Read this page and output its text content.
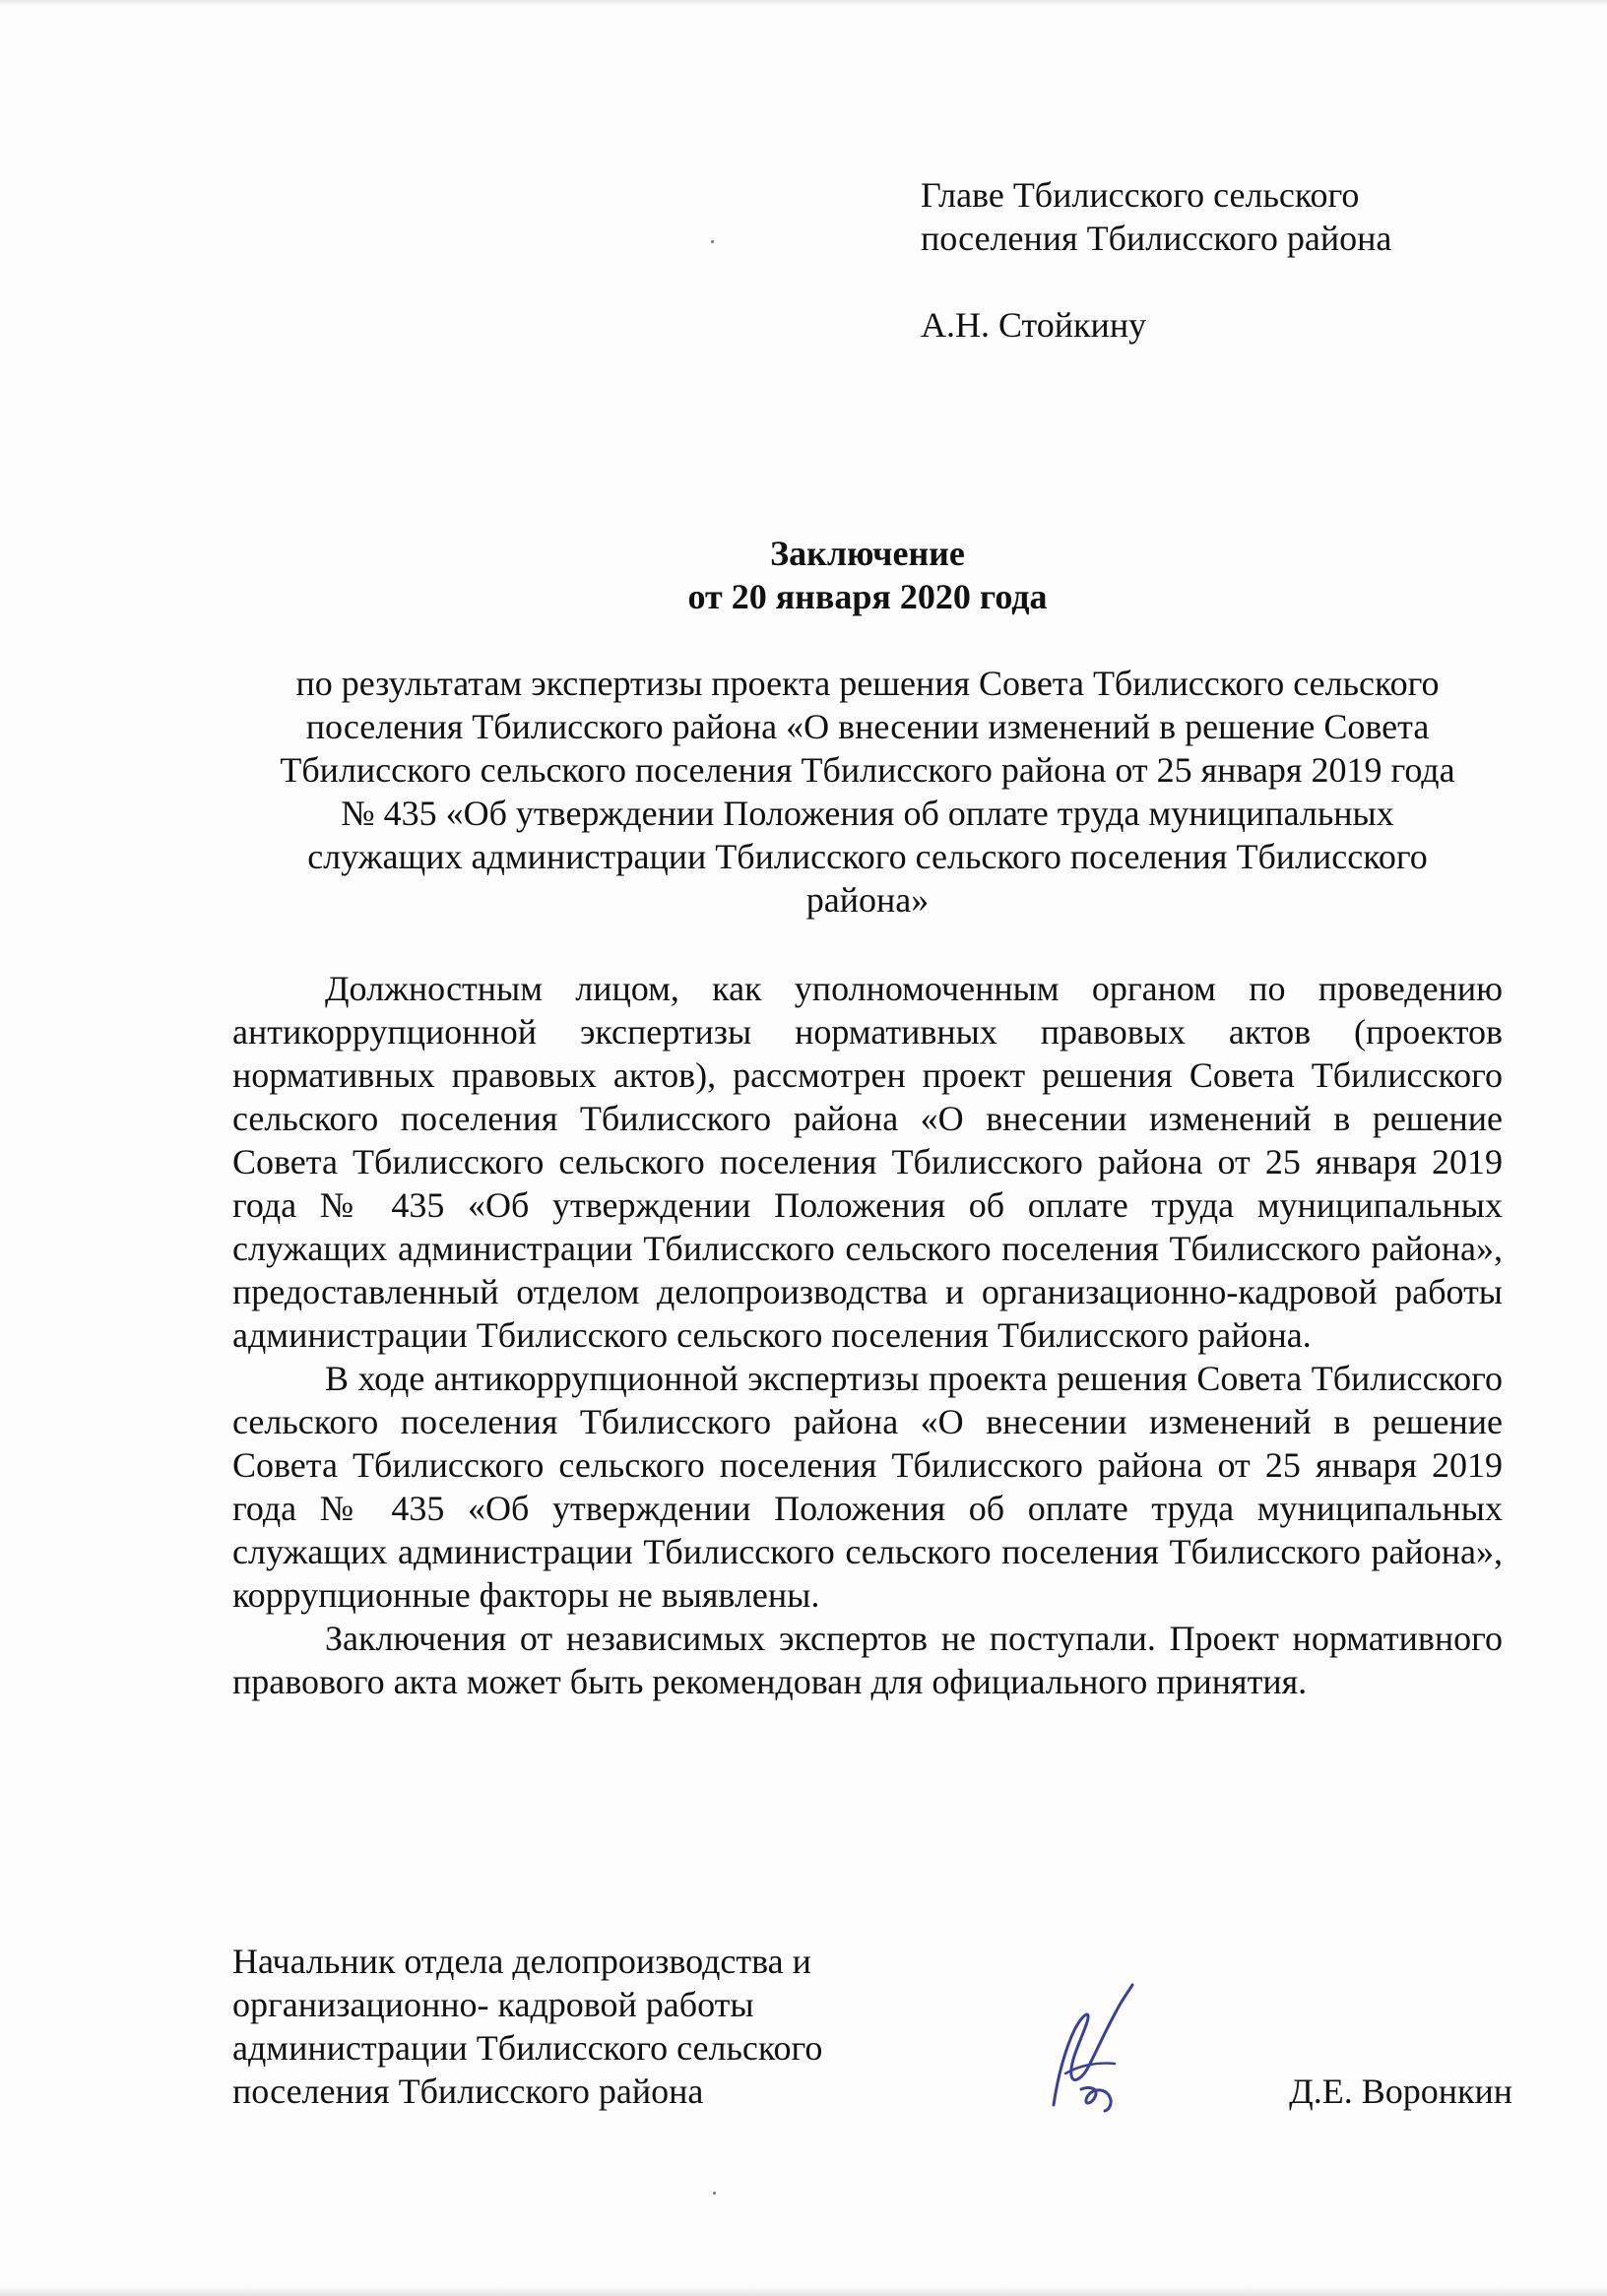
Главе Тбилисского сельского
поселения Тбилисского района
А.Н. Стойкину
Заключение
от 20 января 2020 года
по результатам экспертизы проекта решения Совета Тбилисского сельского
поселения Тбилисского района «О внесении изменений в решение Совета
Тбилисского сельского поселения Тбилисского района от 25 января 2019 года
№ 435 «Об утверждении Положения об оплате труда муниципальных
служащих администрации Тбилисского сельского поселения Тбилисского
района»

Должностным лицом, как уполномоченным органом по проведению антикоррупционной экспертизы нормативных правовых актов (проектов нормативных правовых актов), рассмотрен проект решения Совета Тбилисского сельского поселения Тбилисского района «О внесении изменений в решение Совета Тбилисского сельского поселения Тбилисского района от 25 января 2019 года № 435 «Об утверждении Положения об оплате труда муниципальных служащих администрации Тбилисского сельского поселения Тбилисского района», предоставленный отделом делопроизводства и организационно-кадровой работы администрации Тбилисского сельского поселения Тбилисского района.

В ходе антикоррупционной экспертизы проекта решения Совета Тбилисского сельского поселения Тбилисского района «О внесении изменений в решение Совета Тбилисского сельского поселения Тбилисского района от 25 января 2019 года № 435 «Об утверждении Положения об оплате труда муниципальных служащих администрации Тбилисского сельского поселения Тбилисского района», коррупционные факторы не выявлены.

Заключения от независимых экспертов не поступали. Проект нормативного правового акта может быть рекомендован для официального принятия.

Начальник отдела делопроизводства и
организационно- кадровой работы
администрации Тбилисского сельского
поселения Тбилисского района	Д.Е. Воронкин
